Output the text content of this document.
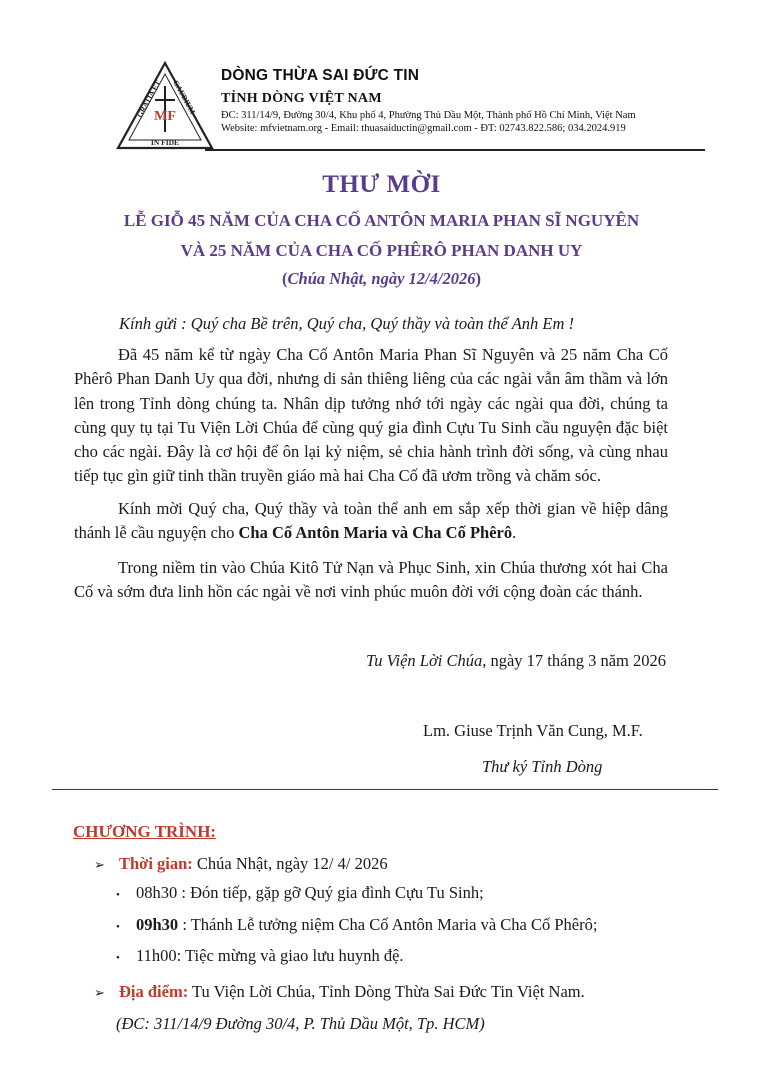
GRATIA ET GAUDIUM
MF
IN FIDE
DÒNG THỪA SAI ĐỨC TIN
TỈNH DÒNG VIỆT NAM
ĐC: 311/14/9, Đường 30/4, Khu phố 4, Phường Thủ Dầu Một, Thành phố Hồ Chí Minh, Việt Nam
Website: mfvietnam.org - Email: thuasaiductin@gmail.com - ĐT: 02743.822.586; 034.2024.919
THƯ MỜI
LỄ GIỖ 45 NĂM CỦA CHA CỐ ANTÔN MARIA PHAN SĨ NGUYÊN
VÀ 25 NĂM CỦA CHA CỐ PHÊRÔ PHAN DANH UY
(Chúa Nhật, ngày 12/4/2026)
Kính gửi : Quý cha Bề trên, Quý cha, Quý thầy và toàn thể Anh Em !
Đã 45 năm kể từ ngày Cha Cố Antôn Maria Phan Sĩ Nguyên và 25 năm Cha Cố Phêrô Phan Danh Uy qua đời, nhưng di sản thiêng liêng của các ngài vẫn âm thầm và lớn lên trong Tỉnh dòng chúng ta. Nhân dịp tưởng nhớ tới ngày các ngài qua đời, chúng ta cùng quy tụ tại Tu Viện Lời Chúa để cùng quý gia đình Cựu Tu Sinh cầu nguyện đặc biệt cho các ngài. Đây là cơ hội để ôn lại kỷ niệm, sẻ chia hành trình đời sống, và cùng nhau tiếp tục gìn giữ tinh thần truyền giáo mà hai Cha Cố đã ươm trồng và chăm sóc.
Kính mời Quý cha, Quý thầy và toàn thể anh em sắp xếp thời gian về hiệp dâng thánh lễ cầu nguyện cho Cha Cố Antôn Maria và Cha Cố Phêrô.
Trong niềm tin vào Chúa Kitô Tử Nạn và Phục Sinh, xin Chúa thương xót hai Cha Cố và sớm đưa linh hồn các ngài về nơi vinh phúc muôn đời với cộng đoàn các thánh.
Tu Viện Lời Chúa, ngày 17 tháng 3 năm 2026
Lm. Giuse Trịnh Văn Cung, M.F.
Thư ký Tỉnh Dòng
CHƯƠNG TRÌNH:
➢ Thời gian: Chúa Nhật, ngày 12/ 4/ 2026
• 08h30 : Đón tiếp, gặp gỡ Quý gia đình Cựu Tu Sinh;
• 09h30 : Thánh Lễ tưởng niệm Cha Cố Antôn Maria và Cha Cố Phêrô;
• 11h00: Tiệc mừng và giao lưu huynh đệ.
➢ Địa điểm: Tu Viện Lời Chúa, Tỉnh Dòng Thừa Sai Đức Tin Việt Nam.
(ĐC: 311/14/9 Đường 30/4, P. Thủ Dầu Một, Tp. HCM)
